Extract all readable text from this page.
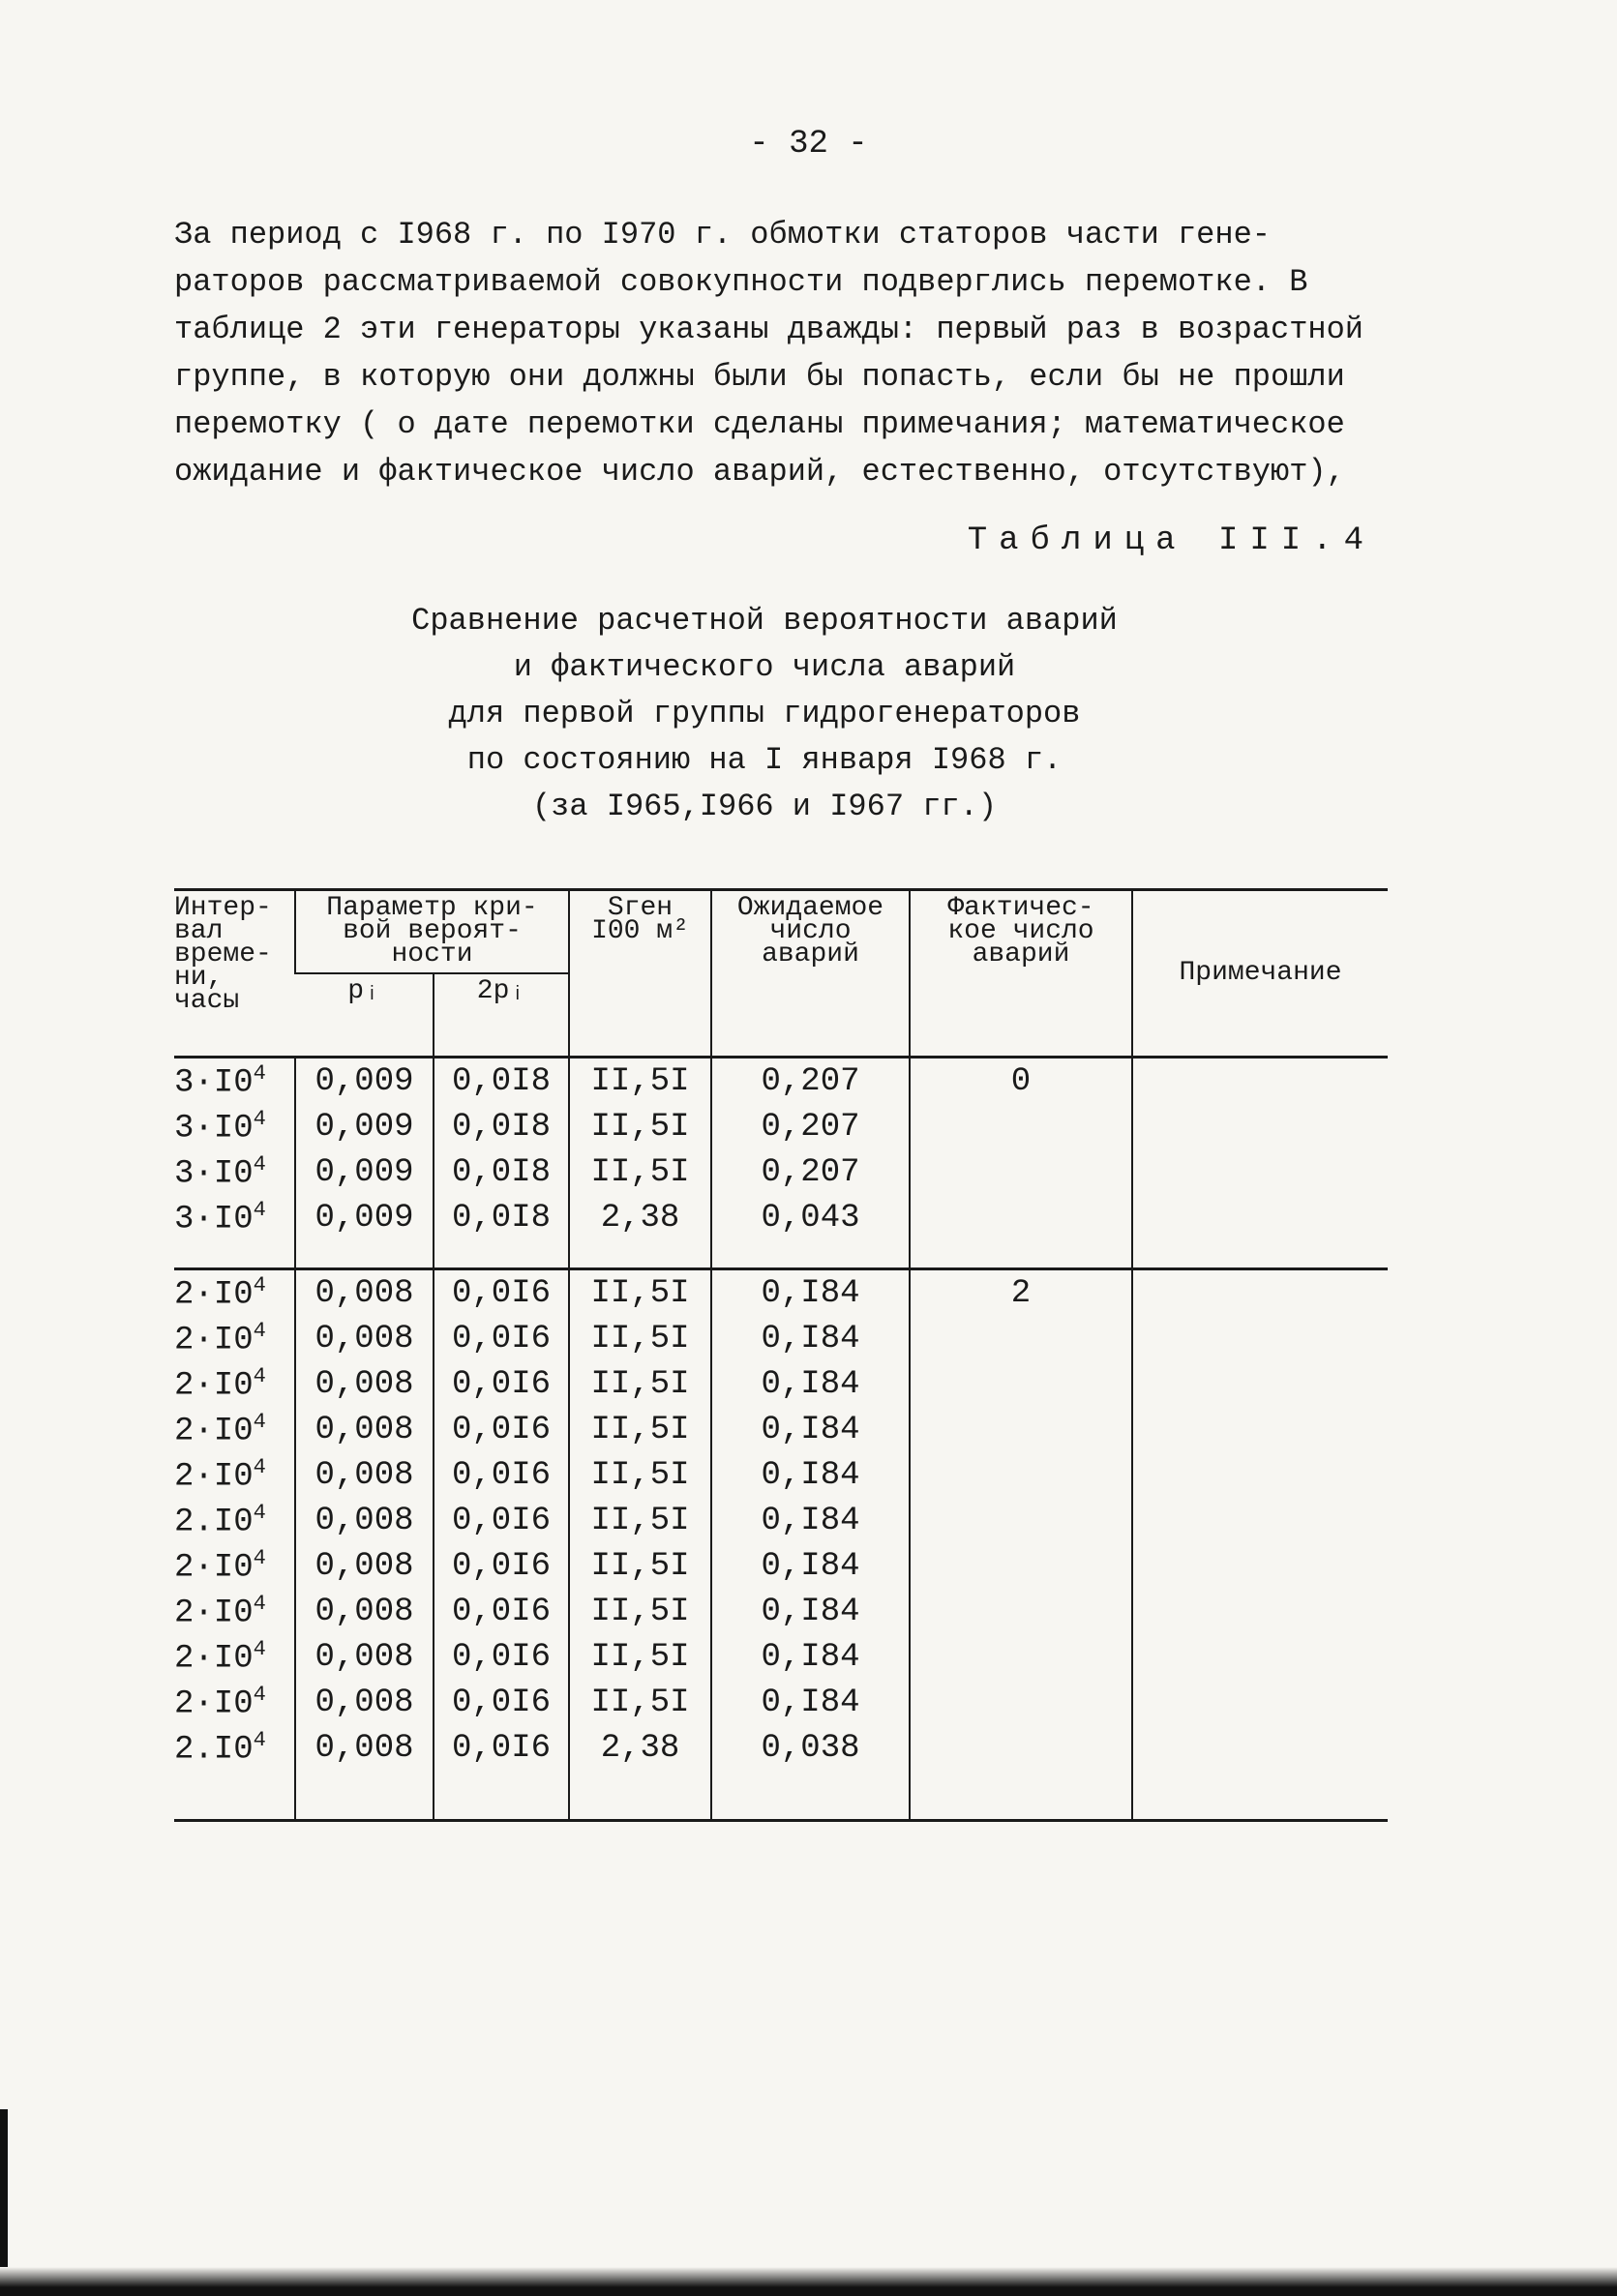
- 32 -

За период с I968 г. по I970 г. обмотки статоров части гене-
раторов рассматриваемой совокупности подверглись перемотке. В
таблице 2 эти генераторы указаны дважды: первый раз в возрастной
группе, в которую они должны были бы попасть, если бы не прошли
перемотку ( о дате перемотки сделаны примечания; математическое
ожидание и фактическое число аварий, естественно, отсутствуют),

Таблица III.4

Сравнение расчетной вероятности аварий
и фактического числа аварий
для первой группы гидрогенераторов
по состоянию на I января I968 г.
(за I965,I966 и I967 гг.)

Интер- вал време- ни, часы	Параметр кри- вой вероят- ности		Sген I00 м²	Ожидаемое число аварий	Фактичес- кое число аварий	Примечание
	pᵢ	2pᵢ				
$3\cdot I0^4$	0,009	0,0I8	II,5I	0,207	0	
$3\cdot I0^4$	0,009	0,0I8	II,5I	0,207		
$3\cdot I0^4$	0,009	0,0I8	II,5I	0,207		
$3\cdot I0^4$	0,009	0,0I8	2,38	0,043		

$2\cdot I0^4$	0,008	0,0I6	II,5I	0,I84	2	
$2\cdot I0^4$	0,008	0,0I6	II,5I	0,I84		
$2\cdot I0^4$	0,008	0,0I6	II,5I	0,I84		
$2\cdot I0^4$	0,008	0,0I6	II,5I	0,I84		
$2\cdot I0^4$	0,008	0,0I6	II,5I	0,I84		
$2.I0^4$	0,008	0,0I6	II,5I	0,I84		
$2\cdot I0^4$	0,008	0,0I6	II,5I	0,I84		
$2\cdot I0^4$	0,008	0,0I6	II,5I	0,I84		
$2\cdot I0^4$	0,008	0,0I6	II,5I	0,I84		
$2\cdot I0^4$	0,008	0,0I6	II,5I	0,I84		
$2.I0^4$	0,008	0,0I6	2,38	0,038		
